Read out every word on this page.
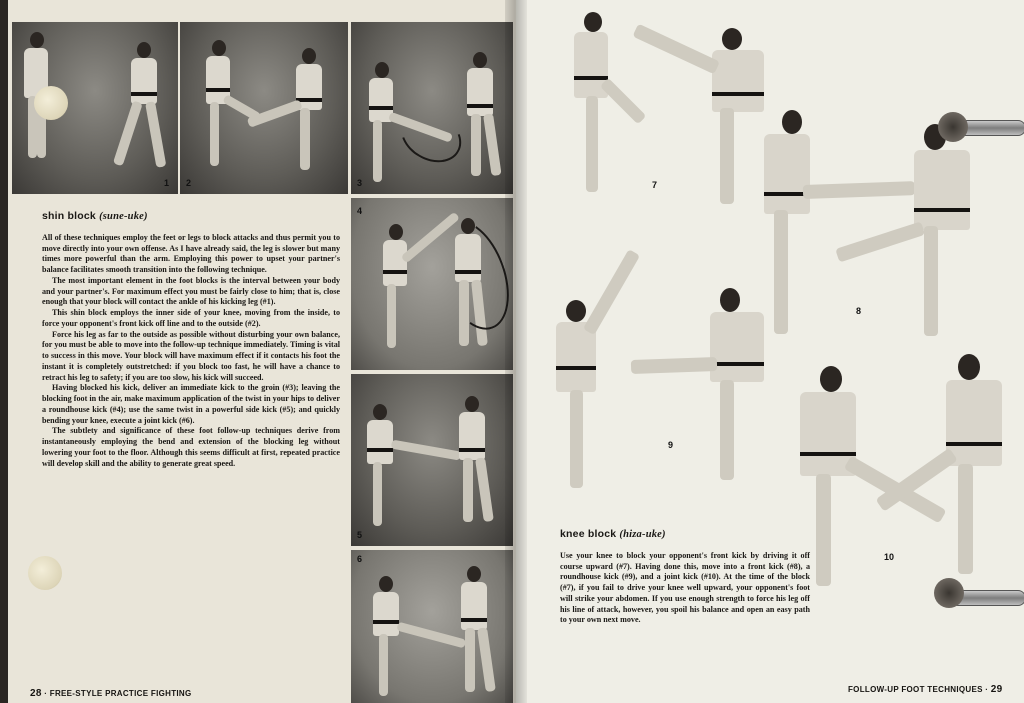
1 2	3
4
5
6
shin block (sune-uke)

All of these techniques employ the feet or legs to block attacks and thus permit you to move directly into your own offense. As I have already said, the leg is slower but many times more powerful than the arm. Employing this power to upset your partner's balance facilitates smooth transition into the following technique.

The most important element in the foot blocks is the interval between your body and your partner's. For maximum effect you must be fairly close to him; that is, close enough that your block will contact the ankle of his kicking leg (#1).

This shin block employs the inner side of your knee, moving from the inside, to force your opponent's front kick off line and to the outside (#2).

Force his leg as far to the outside as possible without disturbing your own balance, for you must be able to move into the follow-up technique immediately. Timing is vital to success in this move. Your block will have maximum effect if it contacts his foot the instant it is completely outstretched: if you block too fast, he will have a chance to retract his leg to safety; if you are too slow, his kick will succeed.

Having blocked his kick, deliver an immediate kick to the groin (#3); leaving the blocking foot in the air, make maximum application of the twist in your hips to deliver a roundhouse kick (#4); use the same twist in a powerful side kick (#5); and quickly bending your knee, execute a joint kick (#6).

The subtlety and significance of these foot follow-up techniques derive from instantaneously employing the bend and extension of the blocking leg without lowering your foot to the floor. Although this seems difficult at first, repeated practice will develop skill and the ability to generate great speed.

28 · FREE-STYLE PRACTICE FIGHTING
7
8
9
10
knee block (hiza-uke)

Use your knee to block your opponent's front kick by driving it off course upward (#7). Having done this, move into a front kick (#8), a roundhouse kick (#9), and a joint kick (#10). At the time of the block (#7), if you fail to drive your knee well upward, your opponent's foot will strike your abdomen. If you use enough strength to force his leg off his line of attack, however, you spoil his balance and open an easy path to your own next move.

FOLLOW-UP FOOT TECHNIQUES · 29
